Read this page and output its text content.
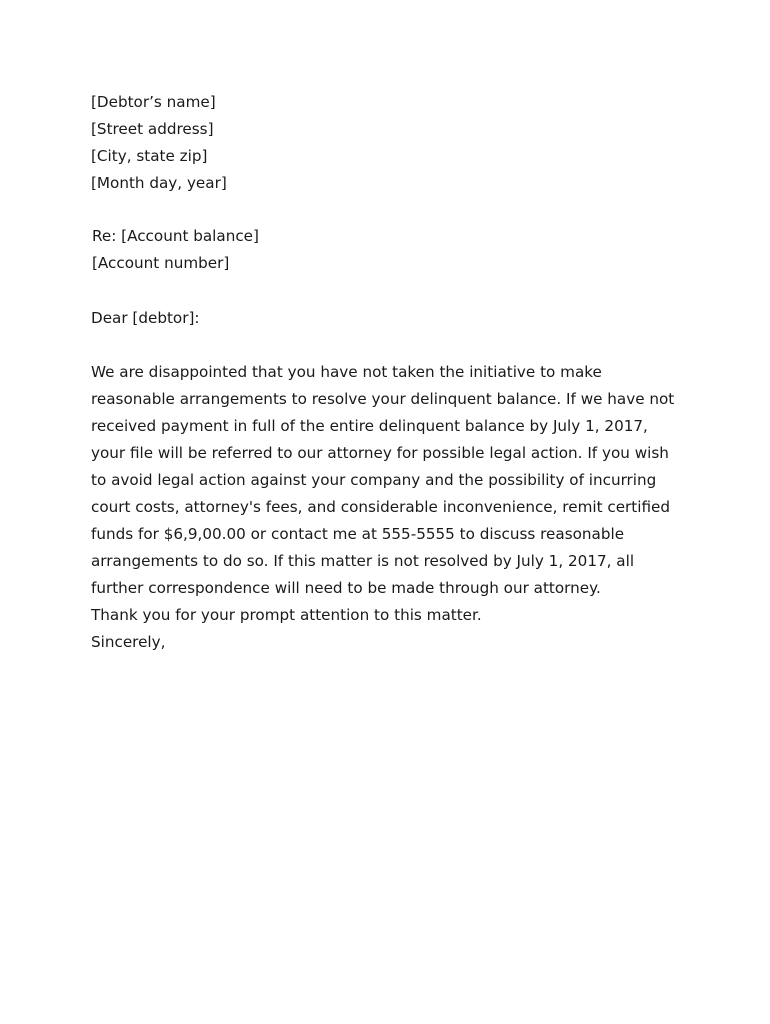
[Debtor’s name]
[Street address]
[City, state zip]
[Month day, year]
Re: [Account balance]
[Account number]
Dear [debtor]:
We are disappointed that you have not taken the initiative to make
reasonable arrangements to resolve your delinquent balance. If we have not
received payment in full of the entire delinquent balance by July 1, 2017,
your file will be referred to our attorney for possible legal action. If you wish
to avoid legal action against your company and the possibility of incurring
court costs, attorney's fees, and considerable inconvenience, remit certified
funds for $6,9,00.00 or contact me at 555-5555 to discuss reasonable
arrangements to do so. If this matter is not resolved by July 1, 2017, all
further correspondence will need to be made through our attorney.
Thank you for your prompt attention to this matter.
Sincerely,
